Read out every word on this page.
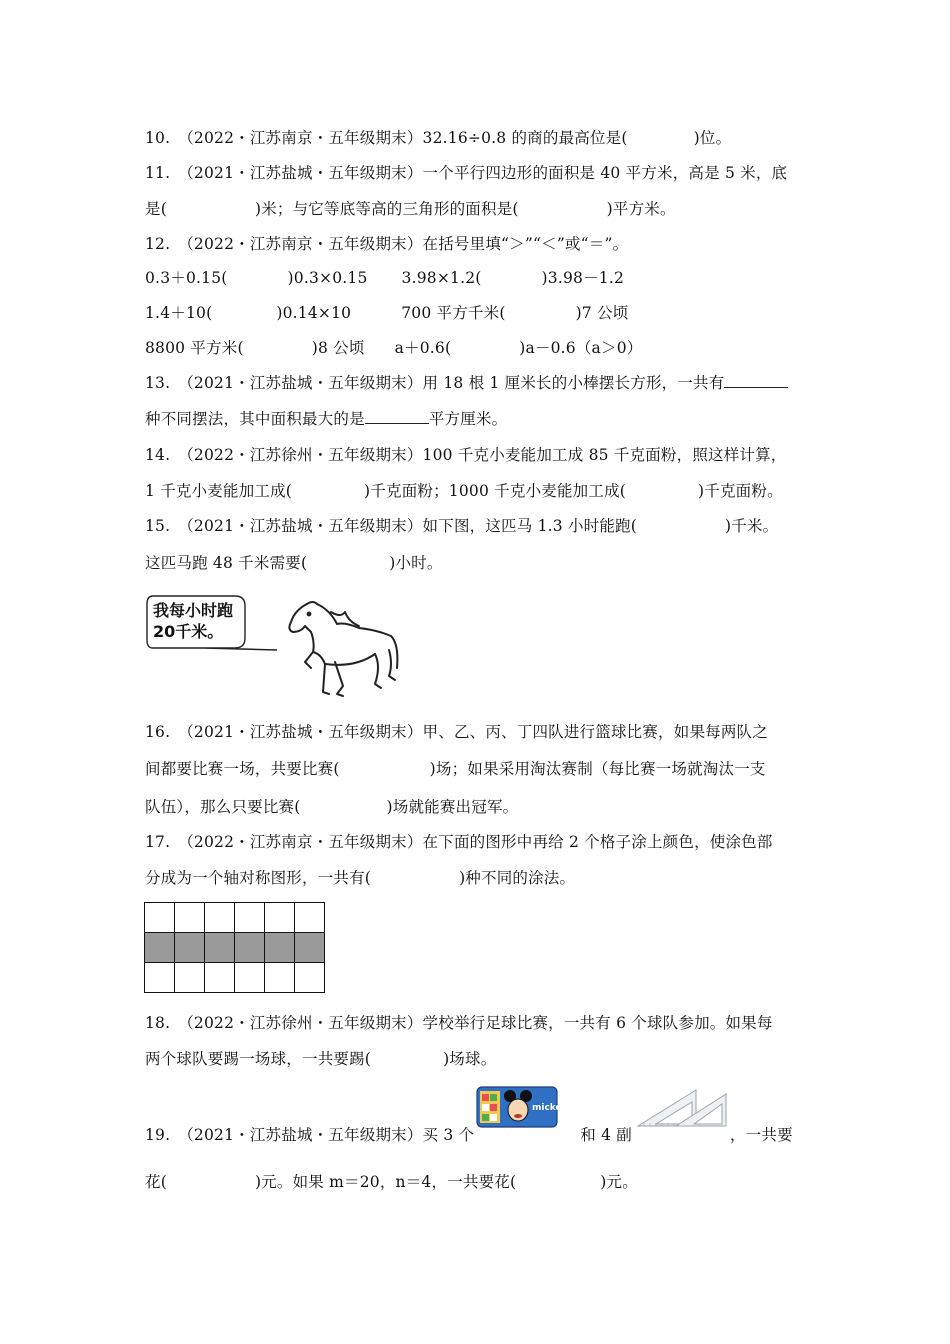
10.　（2022・江苏南京・五年级期末）32.16÷0.8 的商的最高位是(	)位。
11.　（2021・江苏盐城・五年级期末）一个平行四边形的面积是 40 平方米，高是 5 米，底
是(	)米；与它等底等高的三角形的面积是(	)平方米。
12.　（2022・江苏南京・五年级期末）在括号里填“＞”“＜”或“＝”。
0.3＋0.15(	)0.3×0.15 3.98×1.2(	)3.98－1.2
1.4＋10(	)0.14×10	700 平方千米(	)7 公顷
8800 平方米(	)8 公顷 a＋0.6(	)a－0.6（a＞0）
13.　（2021・江苏盐城・五年级期末）用 18 根 1 厘米长的小棒摆长方形，一共有
种不同摆法，其中面积最大的是	平方厘米。
14.　（2022・江苏徐州・五年级期末）100 千克小麦能加工成 85 千克面粉，照这样计算，
1 千克小麦能加工成(	)千克面粉；1000 千克小麦能加工成(	)千克面粉。
15.　（2021・江苏盐城・五年级期末）如下图，这匹马 1.3 小时能跑(	)千米。
这匹马跑 48 千米需要(	)小时。
我每小时跑
20千米。
16.　（2021・江苏盐城・五年级期末）甲、乙、丙、丁四队进行篮球比赛，如果每两队之
间都要比赛一场，共要比赛(	)场；如果采用淘汰赛制（每比赛一场就淘汰一支
队伍），那么只要比赛(	)场就能赛出冠军。
17.　（2022・江苏南京・五年级期末）在下面的图形中再给 2 个格子涂上颜色，使涂色部
分成为一个轴对称图形，一共有(	)种不同的涂法。

18.　（2022・江苏徐州・五年级期末）学校举行足球比赛，一共有 6 个球队参加。如果每
两个球队要踢一场球，一共要踢(	)场球。
mickey
19.　（2021・江苏盐城・五年级期末）买 3 个	和 4 副	，一共要
花(	)元。如果 m＝20，n＝4，一共要花(	)元。
